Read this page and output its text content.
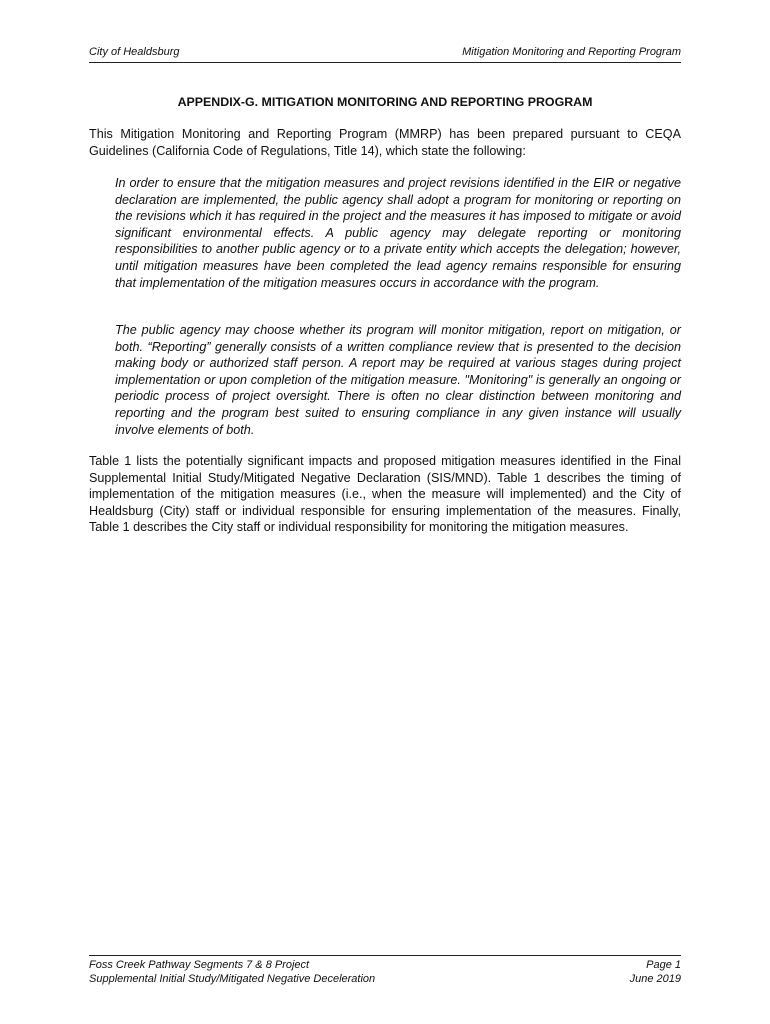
City of Healdsburg	Mitigation Monitoring and Reporting Program
APPENDIX-G. MITIGATION MONITORING AND REPORTING PROGRAM

This Mitigation Monitoring and Reporting Program (MMRP) has been prepared pursuant to CEQA Guidelines (California Code of Regulations, Title 14), which state the following:

In order to ensure that the mitigation measures and project revisions identified in the EIR or negative declaration are implemented, the public agency shall adopt a program for monitoring or reporting on the revisions which it has required in the project and the measures it has imposed to mitigate or avoid significant environmental effects. A public agency may delegate reporting or monitoring responsibilities to another public agency or to a private entity which accepts the delegation; however, until mitigation measures have been completed the lead agency remains responsible for ensuring that implementation of the mitigation measures occurs in accordance with the program.

The public agency may choose whether its program will monitor mitigation, report on mitigation, or both. “Reporting” generally consists of a written compliance review that is presented to the decision making body or authorized staff person. A report may be required at various stages during project implementation or upon completion of the mitigation measure. "Monitoring" is generally an ongoing or periodic process of project oversight. There is often no clear distinction between monitoring and reporting and the program best suited to ensuring compliance in any given instance will usually involve elements of both.

Table 1 lists the potentially significant impacts and proposed mitigation measures identified in the Final Supplemental Initial Study/Mitigated Negative Declaration (SIS/MND). Table 1 describes the timing of implementation of the mitigation measures (i.e., when the measure will implemented) and the City of Healdsburg (City) staff or individual responsible for ensuring implementation of the measures. Finally, Table 1 describes the City staff or individual responsibility for monitoring the mitigation measures.

Foss Creek Pathway Segments 7 & 8 Project
Supplemental Initial Study/Mitigated Negative Deceleration
Page 1
June 2019
